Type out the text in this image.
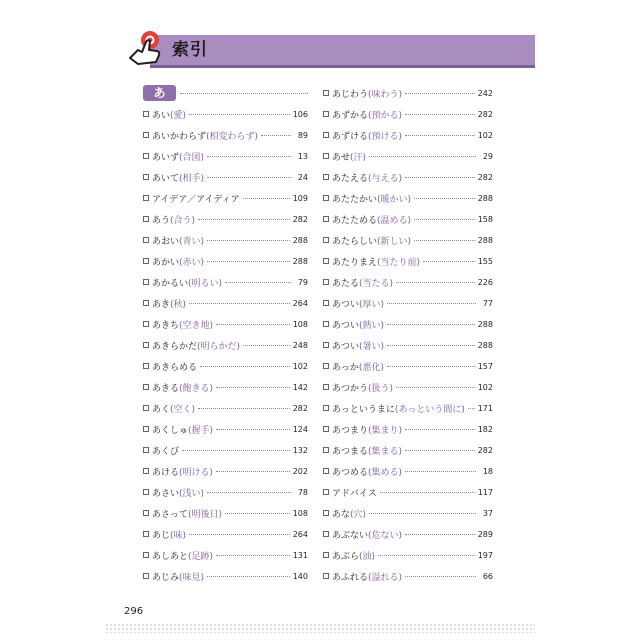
索引
あ
あい ( 愛 )	106
あいかわらず ( 相変わらず )	89
あいず ( 合図 )	13
あいて ( 相手 )	24
アイデア／アイディア	109
あう ( 合う )	282
あおい ( 青い )	288
あかい ( 赤い )	288
あかるい ( 明るい )	79
あき ( 秋 )	264
あきち ( 空き地 )	108
あきらかだ ( 明らかだ )	248
あきらめる	102
あきる ( 飽きる )	142
あく ( 空く )	282
あくしゅ ( 握手 )	124
あくび	132
あける ( 明ける )	202
あさい ( 浅い )	78
あさって ( 明後日 )	108
あじ ( 味 )	264
あしあと ( 足跡 )	131
あじみ ( 味見 )	140
あじわう ( 味わう )	242
あずかる ( 預かる )	282
あずける ( 預ける )	102
あせ ( 汗 )	29
あたえる ( 与える )	282
あたたかい ( 暖かい )	288
あたためる ( 温める )	158
あたらしい ( 新しい )	288
あたりまえ ( 当たり前 )	155
あたる ( 当たる )	226
あつい ( 厚い )	77
あつい ( 熱い )	288
あつい ( 暑い )	288
あっか ( 悪化 )	157
あつかう ( 扱う )	102
あっというまに ( あっという間に )	171
あつまり ( 集まり )	182
あつまる ( 集まる )	282
あつめる ( 集める )	18
アドバイス	117
あな ( 穴 )	37
あぶない ( 危ない )	289
あぶら ( 油 )	197
あふれる ( 溢れる )	66
296
